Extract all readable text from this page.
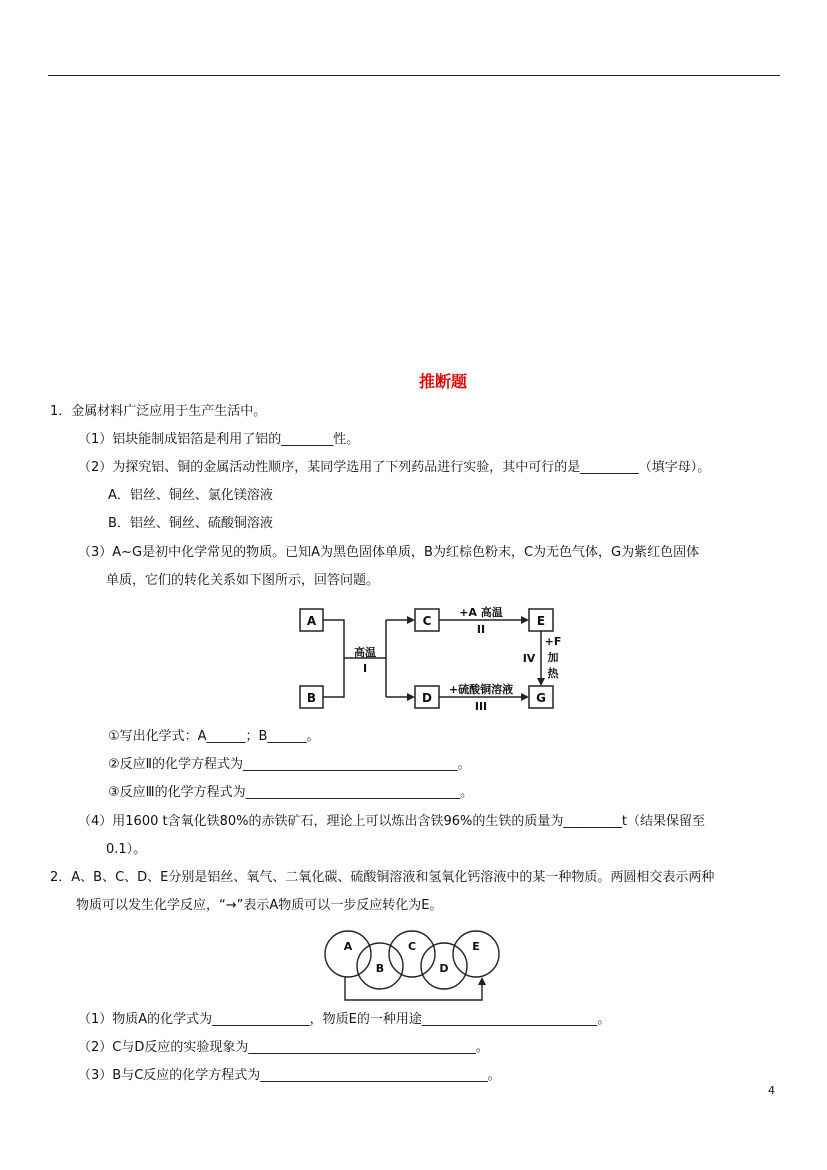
推断题
1．金属材料广泛应用于生产生活中。
（1）铝块能制成铝箔是利用了铝的________性。
（2）为探究铝、铜的金属活动性顺序，某同学选用了下列药品进行实验，其中可行的是_________（填字母）。
A．铝丝、铜丝、氯化镁溶液
B．铝丝、铜丝、硫酸铜溶液
（3）A~G是初中化学常见的物质。已知A为黑色固体单质，B为红棕色粉末，C为无色气体，G为紫红色固体
单质，它们的转化关系如下图所示，回答问题。
A
B
C
D
E
G
高温
I
+A 高温
II
+硫酸铜溶液
III
IV
+F
加
热
①写出化学式：A______；B______。
②反应Ⅱ的化学方程式为_________________________________。
③反应Ⅲ的化学方程式为_________________________________。
（4）用1600 t含氧化铁80%的赤铁矿石，理论上可以炼出含铁96%的生铁的质量为_________t（结果保留至
0.1）。
2．A、B、C、D、E分别是铝丝、氧气、二氧化碳、硫酸铜溶液和氢氧化钙溶液中的某一种物质。两圆相交表示两种
物质可以发生化学反应，“→”表示A物质可以一步反应转化为E。
A
B
C
D
E
（1）物质A的化学式为_______________，物质E的一种用途___________________________。
（2）C与D反应的实验现象为___________________________________。
（3）B与C反应的化学方程式为___________________________________。
4
